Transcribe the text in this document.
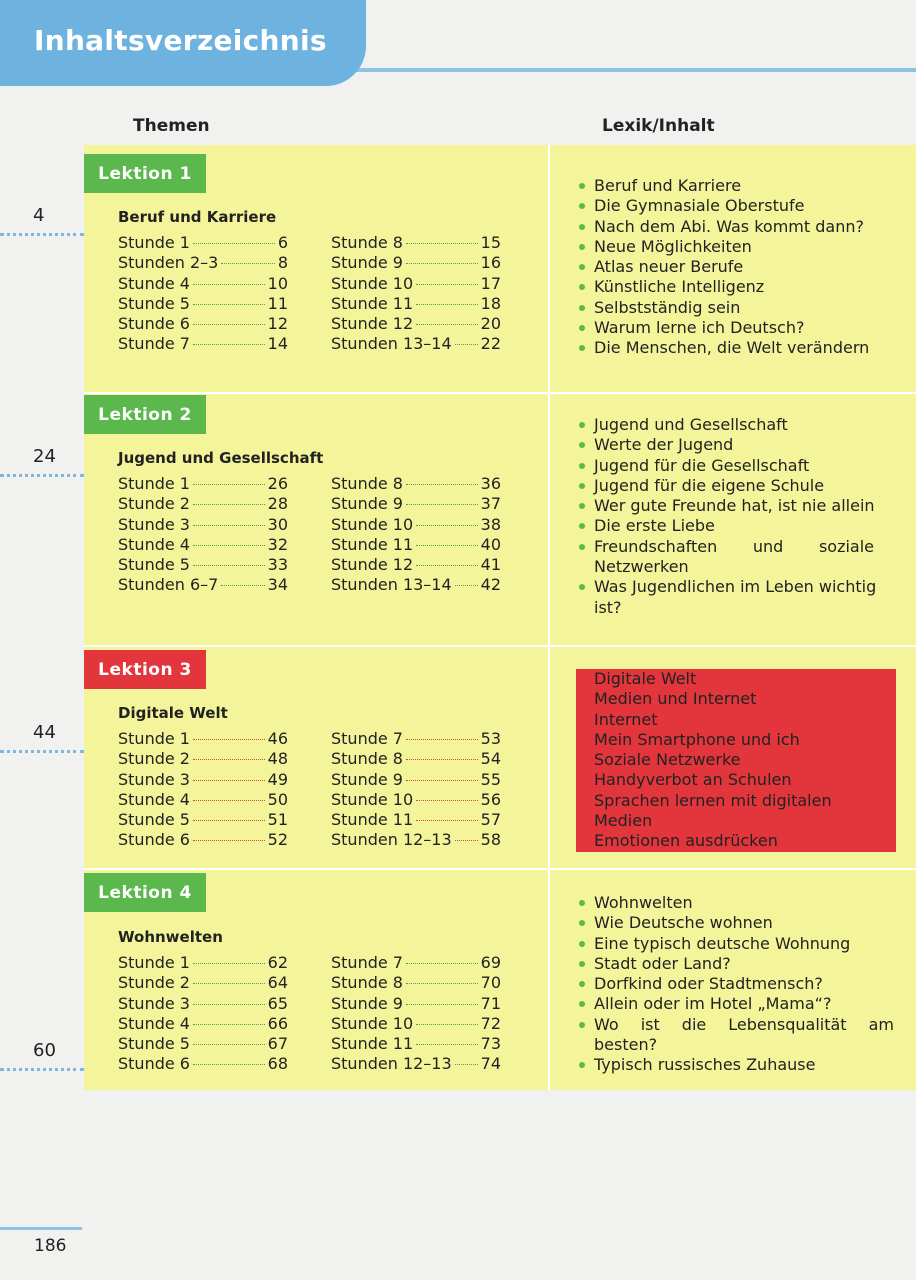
Inhaltsverzeichnis
Themen	Lexik/Inhalt
Lektion 1
4	Beruf und Karriere
Stunde 1	6	Stunde 8	15
Stunden 2–3	8	Stunde 9	16
Stunde 4	10	Stunde 10	17
Stunde 5	11	Stunde 11	18
Stunde 6	12	Stunde 12	20
Stunde 7	14	Stunden 13–14 22
Beruf und Karriere
Die Gymnasiale Oberstufe
Nach dem Abi. Was kommt dann?
Neue Möglichkeiten
Atlas neuer Berufe
Künstliche Intelligenz
Selbstständig sein
Warum lerne ich Deutsch?
Die Menschen, die Welt verändern
Lektion 2
24	Jugend und Gesellschaft
Stunde 1	26	Stunde 8	36
Stunde 2	28	Stunde 9	37
Stunde 3	30	Stunde 10	38
Stunde 4	32	Stunde 11	40
Stunde 5	33	Stunde 12	41
Stunden 6–7	34	Stunden 13–14 42
Jugend und Gesellschaft
Werte der Jugend
Jugend für die Gesellschaft
Jugend für die eigene Schule
Wer gute Freunde hat, ist nie allein
Die erste Liebe
Freundschaften und soziale Netzwerken
Was Jugendlichen im Leben wichtig ist?
Lektion 3
44
Digitale Welt
Stunde 1	46	Stunde 7	53
Stunde 2	48	Stunde 8	54
Stunde 3	49	Stunde 9	55
Stunde 4	50	Stunde 10	56
Stunde 5	51	Stunde 11	57
Stunde 6	52	Stunden 12–13 58
Digitale Welt
Medien und Internet
Internet
Mein Smartphone und ich
Soziale Netzwerke
Handyverbot an Schulen
Sprachen lernen mit digitalen Medien
Emotionen ausdrücken
Lektion 4
60
Wohnwelten
Stunde 1	62	Stunde 7	69
Stunde 2	64	Stunde 8	70
Stunde 3	65	Stunde 9	71
Stunde 4	66	Stunde 10	72
Stunde 5	67	Stunde 11	73
Stunde 6	68	Stunden 12–13 74
Wohnwelten
Wie Deutsche wohnen
Eine typisch deutsche Wohnung
Stadt oder Land?
Dorfkind oder Stadtmensch?
Allein oder im Hotel „Mama“?
Wo ist die Lebensqualität am besten?
Typisch russisches Zuhause
186
